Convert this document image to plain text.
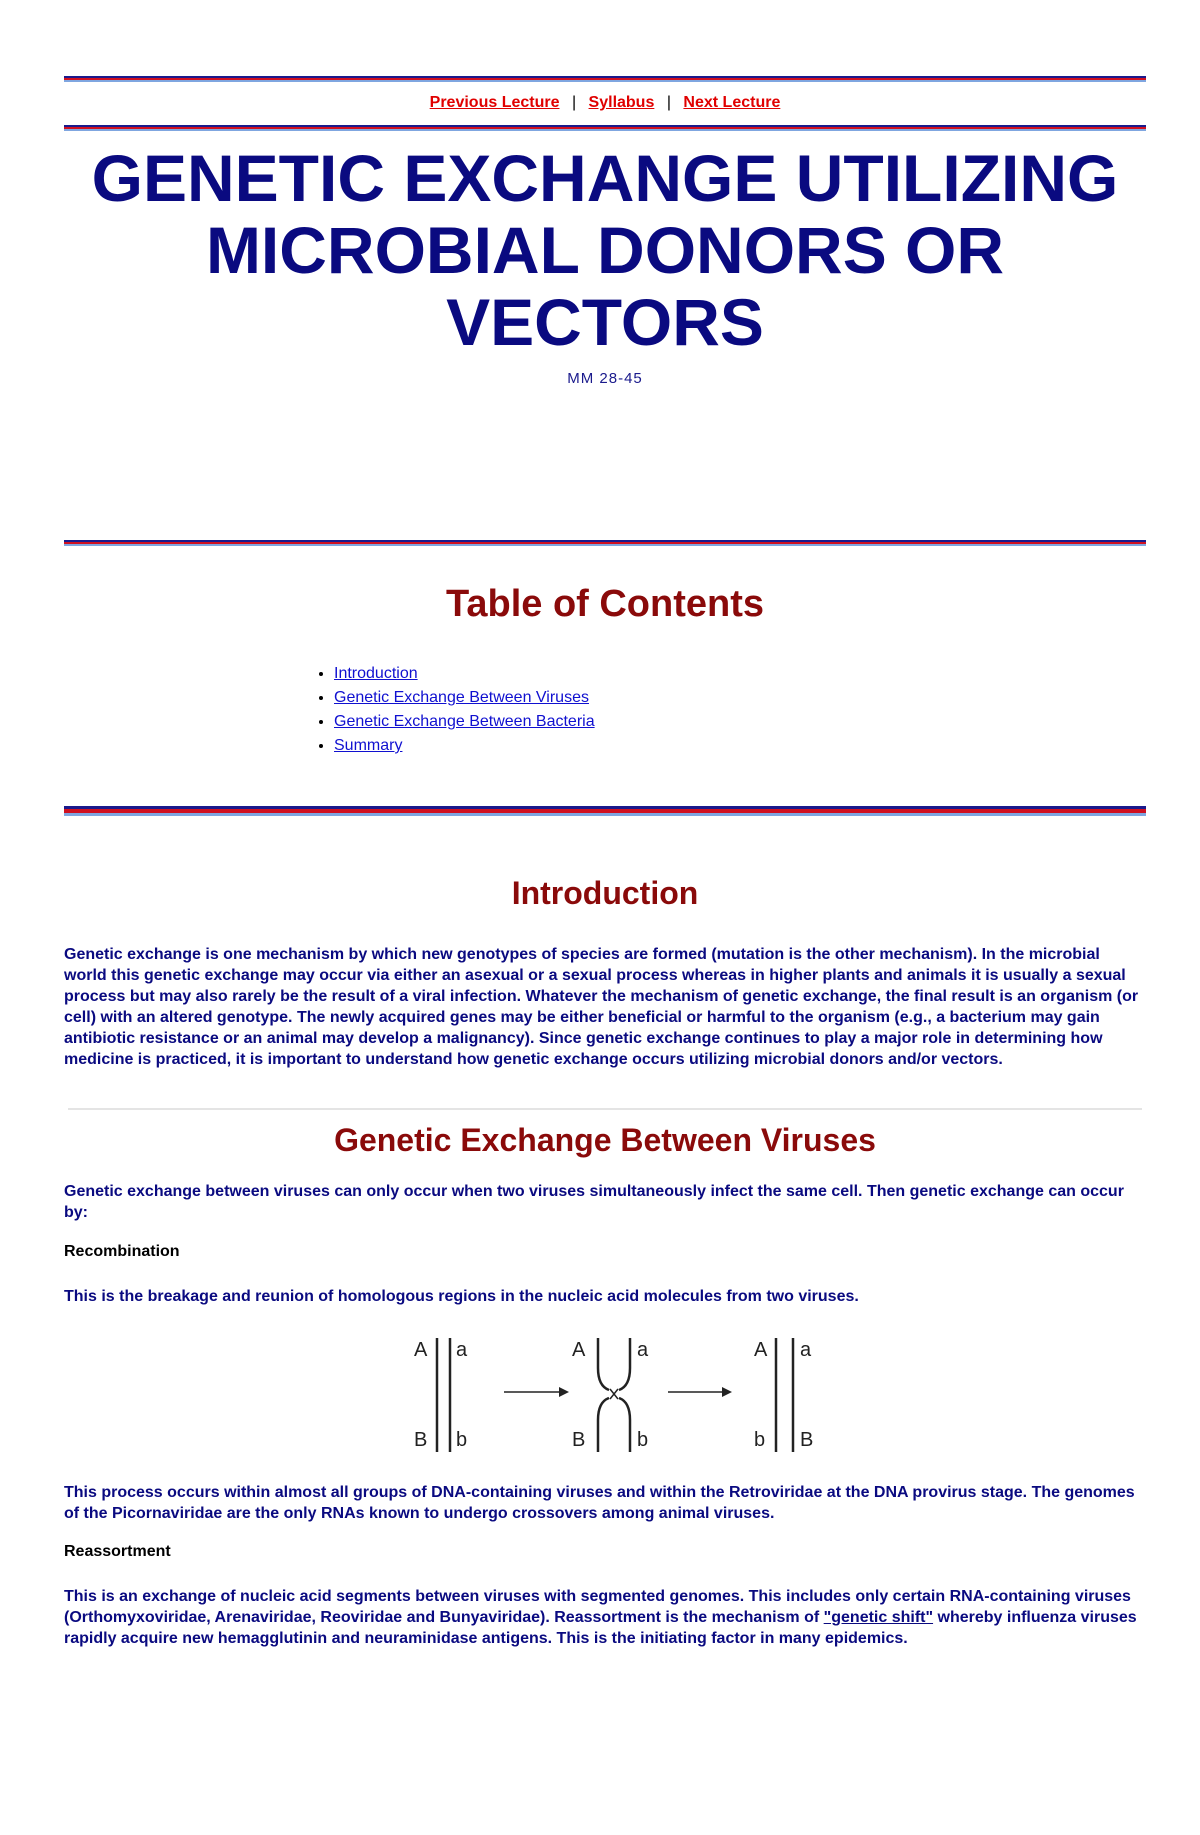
Previous Lecture | Syllabus | Next Lecture
GENETIC EXCHANGE UTILIZING
MICROBIAL DONORS OR
VECTORS
MM 28-45
Table of Contents
• Introduction
• Genetic Exchange Between Viruses
• Genetic Exchange Between Bacteria
• Summary
Introduction

Genetic exchange is one mechanism by which new genotypes of species are formed (mutation is the other mechanism). In the microbial world this genetic exchange may occur via either an asexual or a sexual process whereas in higher plants and animals it is usually a sexual process but may also rarely be the result of a viral infection. Whatever the mechanism of genetic exchange, the final result is an organism (or cell) with an altered genotype. The newly acquired genes may be either beneficial or harmful to the organism (e.g., a bacterium may gain antibiotic resistance or an animal may develop a malignancy). Since genetic exchange continues to play a major role in determining how medicine is practiced, it is important to understand how genetic exchange occurs utilizing microbial donors and/or vectors.

Genetic Exchange Between Viruses

Genetic exchange between viruses can only occur when two viruses simultaneously infect the same cell. Then genetic exchange can occur by:

Recombination

This is the breakage and reunion of homologous regions in the nucleic acid molecules from two viruses.

A a
B b
A	a
B	b
A a
b B

This process occurs within almost all groups of DNA-containing viruses and within the Retroviridae at the DNA provirus stage. The genomes of the Picornaviridae are the only RNAs known to undergo crossovers among animal viruses.

Reassortment

This is an exchange of nucleic acid segments between viruses with segmented genomes. This includes only certain RNA-containing viruses (Orthomyxoviridae, Arenaviridae, Reoviridae and Bunyaviridae). Reassortment is the mechanism of "genetic shift" whereby influenza viruses rapidly acquire new hemagglutinin and neuraminidase antigens. This is the initiating factor in many epidemics.
